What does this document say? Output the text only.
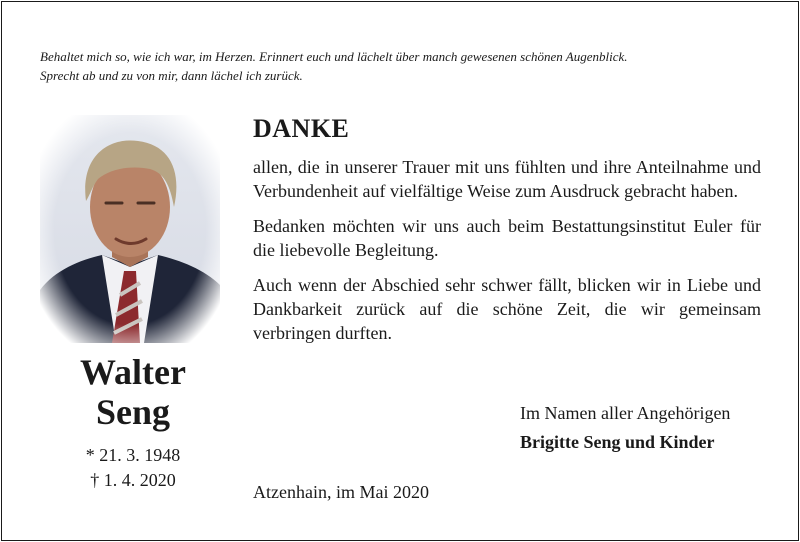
Behaltet mich so, wie ich war, im Herzen. Erinnert euch und lächelt über manch gewesenen schönen Augenblick.
Sprecht ab und zu von mir, dann lächel ich zurück.
Walter
Seng
* 21. 3. 1948
† 1. 4. 2020
DANKE

allen, die in unserer Trauer mit uns fühlten und ihre Anteilnahme und Verbundenheit auf vielfältige Weise zum Ausdruck gebracht haben.

Bedanken möchten wir uns auch beim Bestattungsinstitut Euler für die liebevolle Begleitung.

Auch wenn der Abschied sehr schwer fällt, blicken wir in Liebe und Dankbarkeit zurück auf die schöne Zeit, die wir gemeinsam verbringen durften.

Im Namen aller Angehörigen
Brigitte Seng und Kinder
Atzenhain, im Mai 2020
